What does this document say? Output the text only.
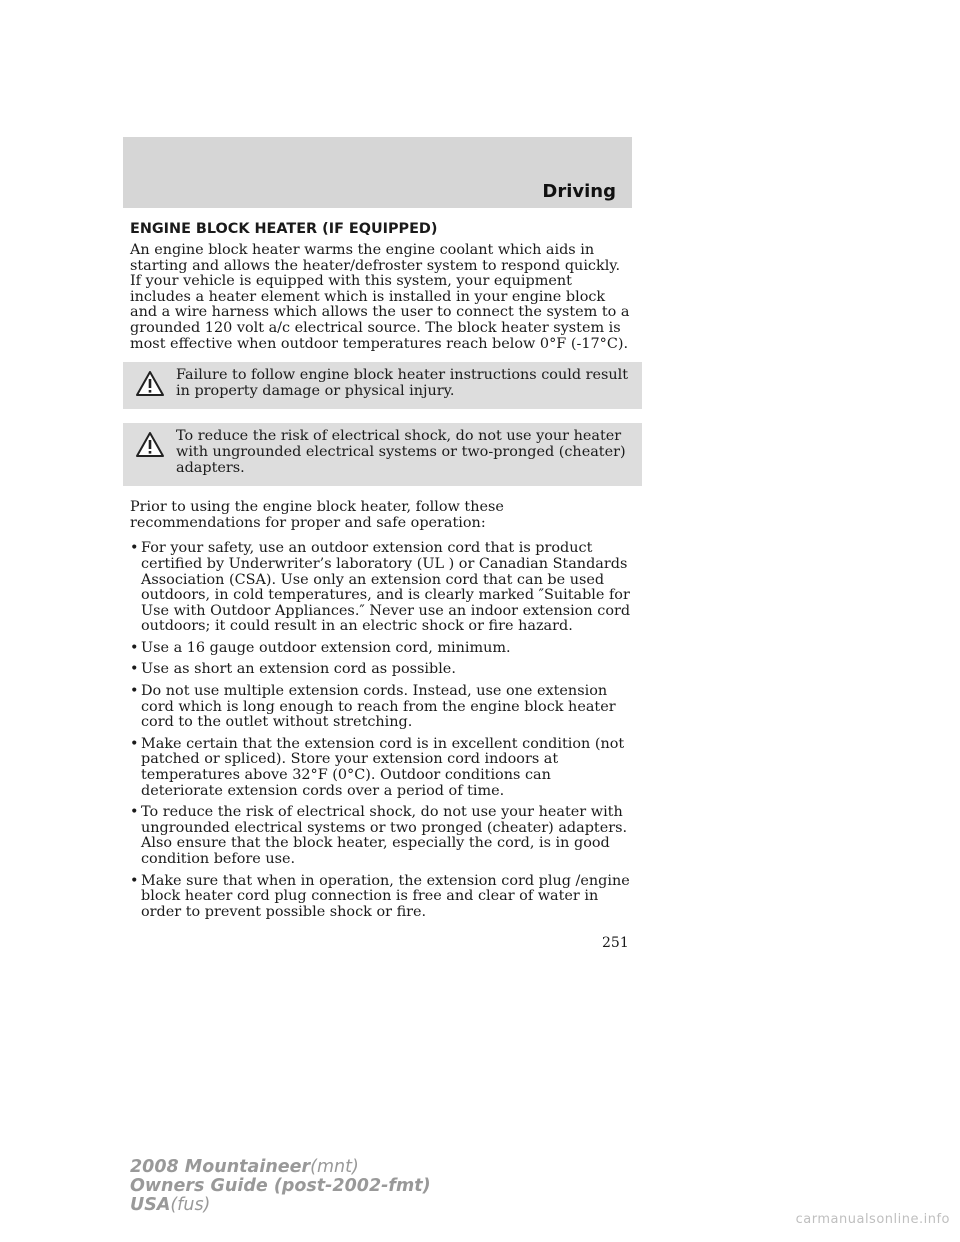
Driving
ENGINE BLOCK HEATER (IF EQUIPPED)

An engine block heater warms the engine coolant which aids in starting and allows the heater/defroster system to respond quickly. If your vehicle is equipped with this system, your equipment includes a heater element which is installed in your engine block and a wire harness which allows the user to connect the system to a grounded 120 volt a/c electrical source. The block heater system is most effective when outdoor temperatures reach below 0°F (-17°C).

Failure to follow engine block heater instructions could result in property damage or physical injury.
To reduce the risk of electrical shock, do not use your heater with ungrounded electrical systems or two-pronged (cheater) adapters.

Prior to using the engine block heater, follow these recommendations for proper and safe operation:

• For your safety, use an outdoor extension cord that is product certified by Underwriter’s laboratory (UL ) or Canadian Standards Association (CSA). Use only an extension cord that can be used outdoors, in cold temperatures, and is clearly marked ″Suitable for Use with Outdoor Appliances.″ Never use an indoor extension cord outdoors; it could result in an electric shock or fire hazard.
• Use a 16 gauge outdoor extension cord, minimum.
• Use as short an extension cord as possible.
• Do not use multiple extension cords. Instead, use one extension cord which is long enough to reach from the engine block heater cord to the outlet without stretching.
• Make certain that the extension cord is in excellent condition (not patched or spliced). Store your extension cord indoors at temperatures above 32°F (0°C). Outdoor conditions can deteriorate extension cords over a period of time.
• To reduce the risk of electrical shock, do not use your heater with ungrounded electrical systems or two pronged (cheater) adapters. Also ensure that the block heater, especially the cord, is in good condition before use.
• Make sure that when in operation, the extension cord plug /engine block heater cord plug connection is free and clear of water in order to prevent possible shock or fire.
251
2008 Mountaineer(mnt)
Owners Guide (post-2002-fmt)
USA(fus)
carmanualsonline.info
